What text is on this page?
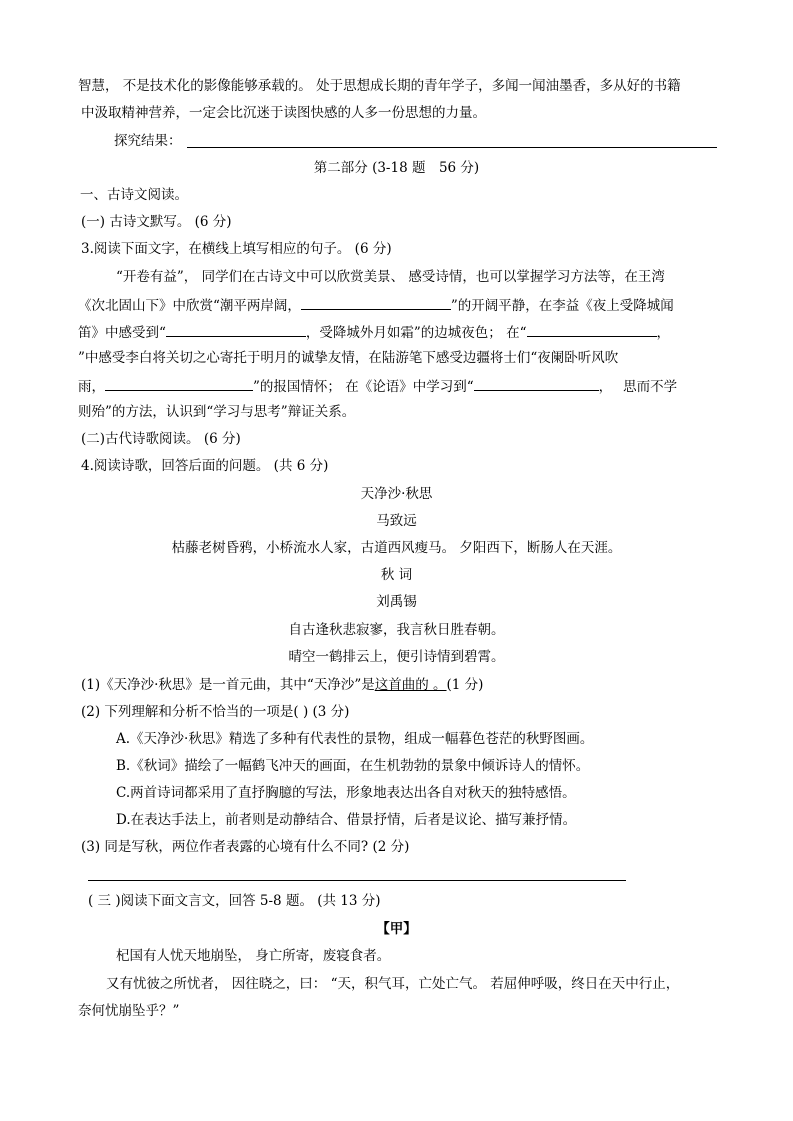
智慧， 不是技术化的影像能够承载的。 处于思想成长期的青年学子，多闻一闻油墨香，多从好的书籍
中汲取精神营养，一定会比沉迷于读图快感的人多一份思想的力量。
探究结果：
第二部分 (3-18 题　56 分)
一、古诗文阅读。
(一) 古诗文默写。 (6 分)
3.阅读下面文字，在横线上填写相应的句子。 (6 分)
“开卷有益”， 同学们在古诗文中可以欣赏美景、 感受诗情，也可以掌握学习方法等，在王湾
《次北固山下》中欣赏“潮平两岸阔，	”的开阔平静，在李益《夜上受降城闻
笛》中感受到“	，受降城外月如霜”的边城夜色； 在“	，
”中感受李白将关切之心寄托于明月的诚挚友情，在陆游笔下感受边疆将士们“夜阑卧听风吹
雨，	”的报国情怀； 在《论语》中学习到“	，　 思而不学
则殆”的方法，认识到“学习与思考”辩证关系。
(二)古代诗歌阅读。 (6 分)
4.阅读诗歌，回答后面的问题。 (共 6 分)
天净沙·秋思
马致远
枯藤老树昏鸦，小桥流水人家，古道西风瘦马。 夕阳西下，断肠人在天涯。
秋 词
刘禹锡
自古逢秋悲寂寥，我言秋日胜春朝。
晴空一鹤排云上，便引诗情到碧霄。
(1)《天净沙·秋思》是一首元曲，其中“天净沙”是这首曲的 。(1 分)
(2) 下列理解和分析不恰当的一项是( ) (3 分)
A.《天净沙·秋思》精选了多种有代表性的景物，组成一幅暮色苍茫的秋野图画。
B.《秋词》描绘了一幅鹤飞冲天的画面，在生机勃勃的景象中倾诉诗人的情怀。
C.两首诗词都采用了直抒胸臆的写法，形象地表达出各自对秋天的独特感悟。
D.在表达手法上，前者则是动静结合、借景抒情，后者是议论、描写兼抒情。
(3) 同是写秋，两位作者表露的心境有什么不同? (2 分)
( 三 )阅读下面文言文，回答 5-8 题。 (共 13 分)
【甲】
杞国有人忧天地崩坠， 身亡所寄，废寝食者。
又有忧彼之所忧者， 因往晓之，曰： “天，积气耳，亡处亡气。 若屈伸呼吸，终日在天中行止，
奈何忧崩坠乎？”
